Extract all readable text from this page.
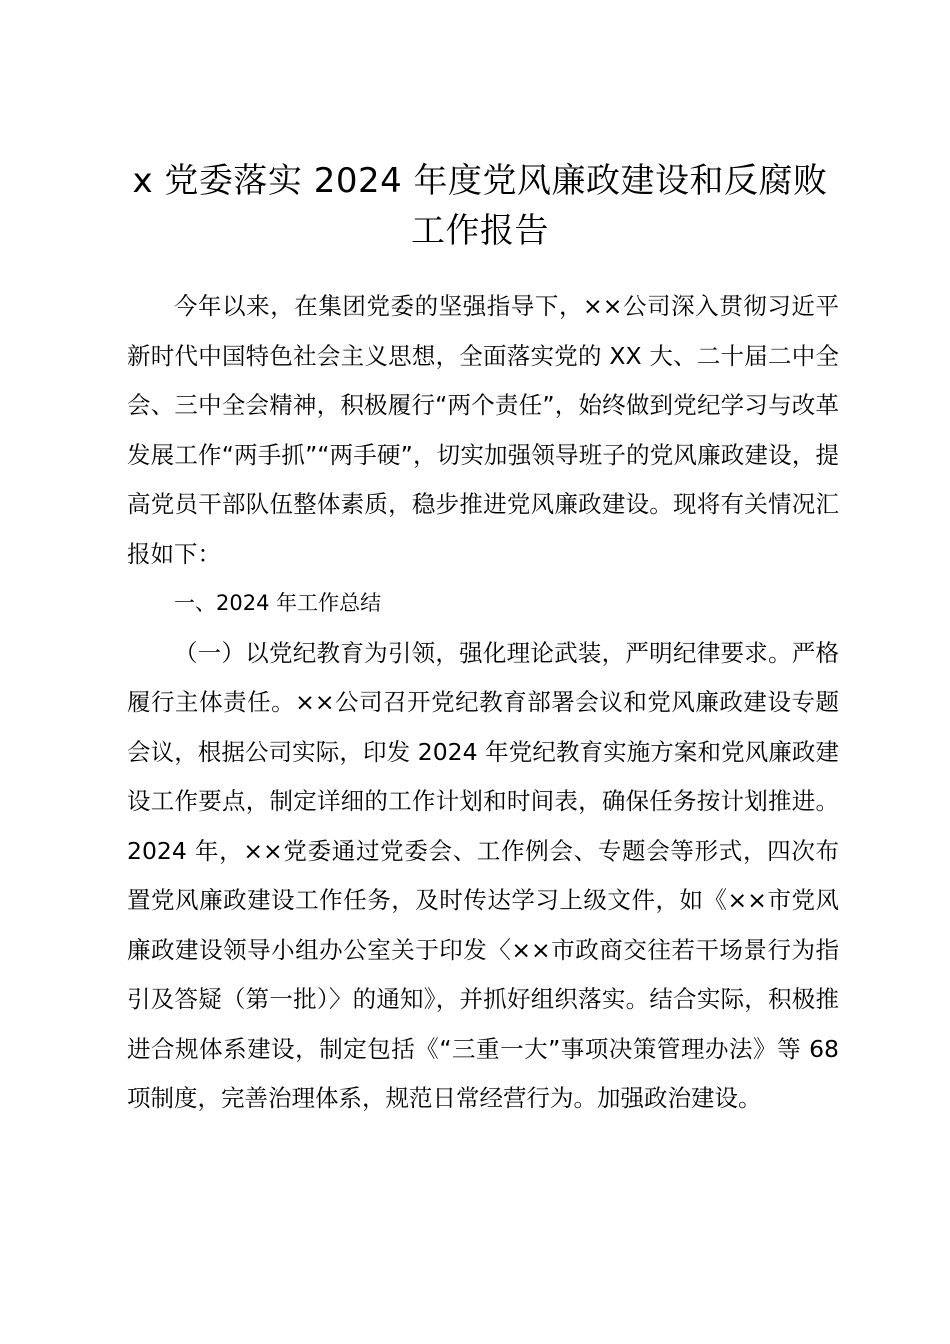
x 党委落实 2024 年度党风廉政建设和反腐败
工作报告

今年以来，在集团党委的坚强指导下，××公司深入贯彻习近平新时代中国特色社会主义思想，全面落实党的 XX 大、二十届二中全会、三中全会精神，积极履行“两个责任”，始终做到党纪学习与改革发展工作“两手抓”“两手硬”，切实加强领导班子的党风廉政建设，提高党员干部队伍整体素质，稳步推进党风廉政建设。现将有关情况汇报如下：

一、2024 年工作总结

（一）以党纪教育为引领，强化理论武装，严明纪律要求。严格履行主体责任。××公司召开党纪教育部署会议和党风廉政建设专题会议，根据公司实际，印发 2024 年党纪教育实施方案和党风廉政建设工作要点，制定详细的工作计划和时间表，确保任务按计划推进。2024 年，××党委通过党委会、工作例会、专题会等形式，四次布置党风廉政建设工作任务，及时传达学习上级文件，如《××市党风廉政建设领导小组办公室关于印发〈××市政商交往若干场景行为指引及答疑（第一批）〉的通知》，并抓好组织落实。结合实际，积极推进合规体系建设，制定包括《“三重一大”事项决策管理办法》等 68 项制度，完善治理体系，规范日常经营行为。加强政治建设。
